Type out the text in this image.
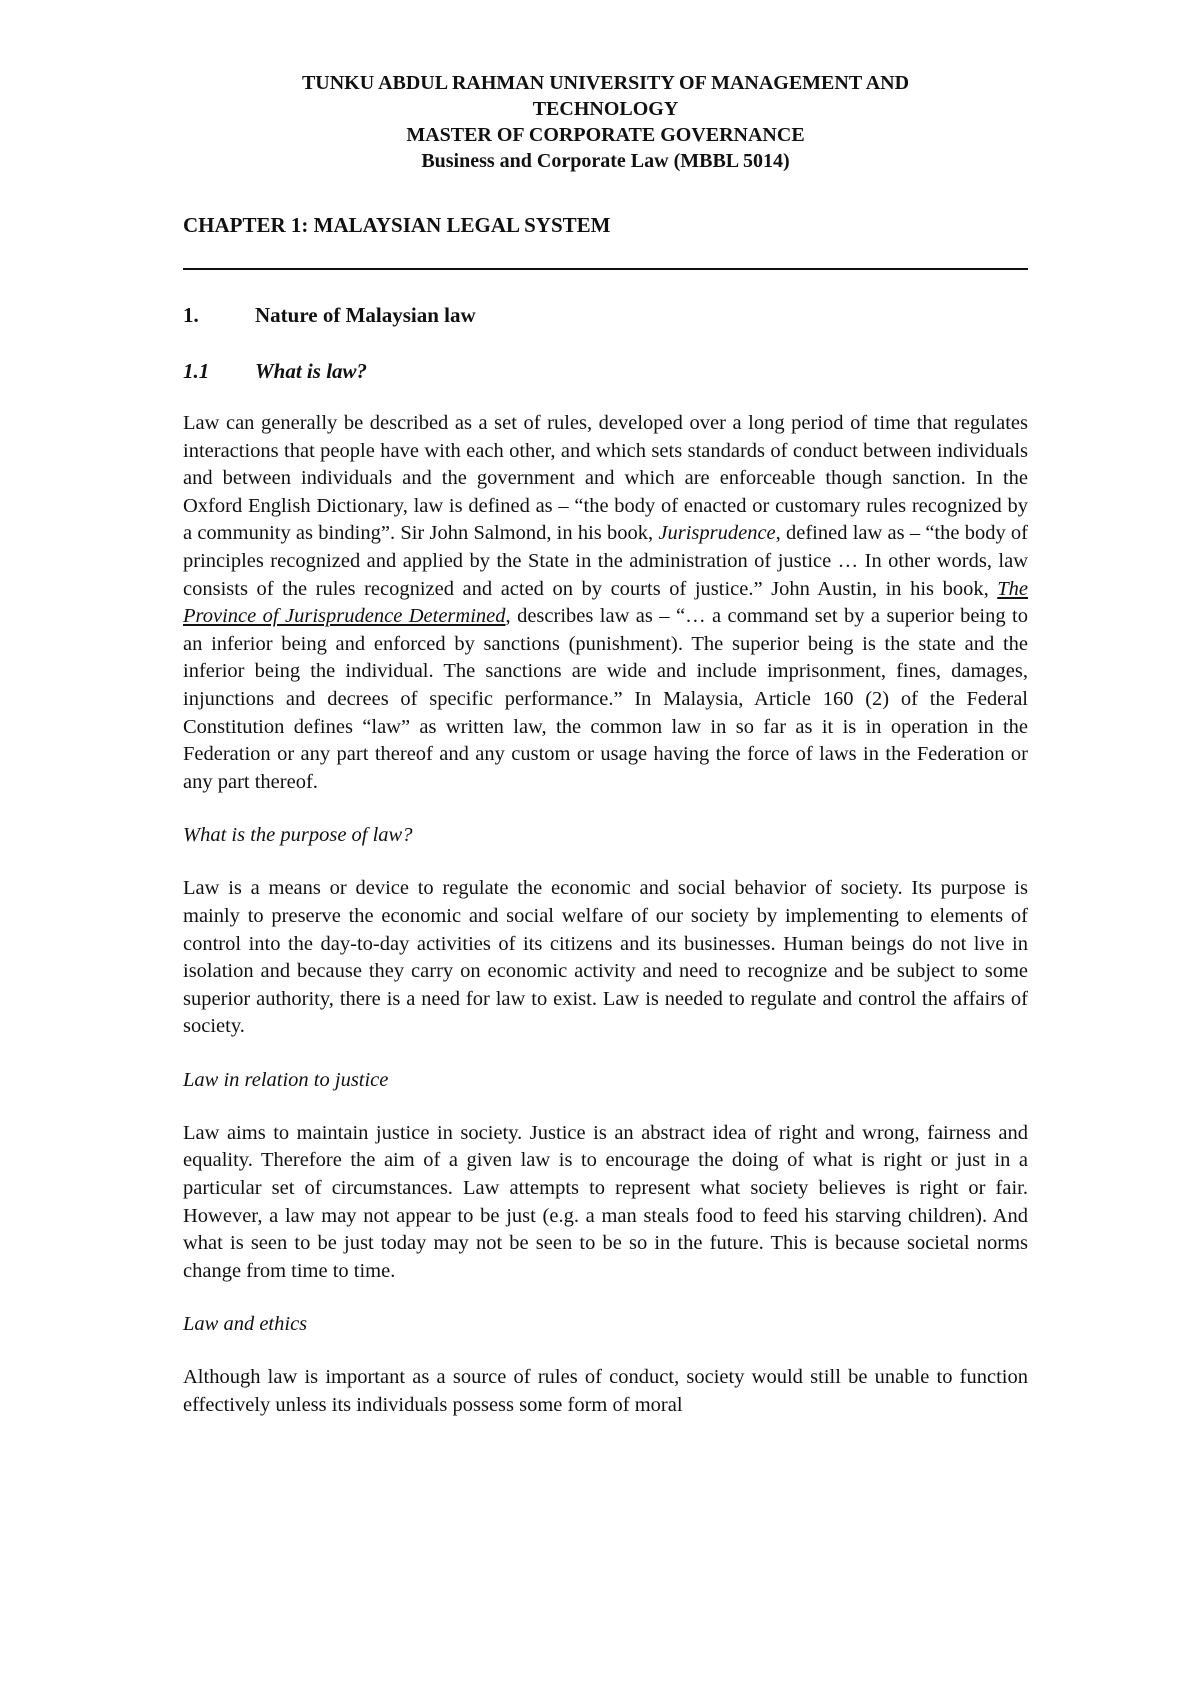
TUNKU ABDUL RAHMAN UNIVERSITY OF MANAGEMENT AND
TECHNOLOGY
MASTER OF CORPORATE GOVERNANCE
Business and Corporate Law (MBBL 5014)
CHAPTER 1: MALAYSIAN LEGAL SYSTEM
1.	Nature of Malaysian law
1.1	What is law?

Law can generally be described as a set of rules, developed over a long period of time that regulates interactions that people have with each other, and which sets standards of conduct between individuals and between individuals and the government and which are enforceable though sanction. In the Oxford English Dictionary, law is defined as – “the body of enacted or customary rules recognized by a community as binding”. Sir John Salmond, in his book, Jurisprudence, defined law as – “the body of principles recognized and applied by the State in the administration of justice … In other words, law consists of the rules recognized and acted on by courts of justice.” John Austin, in his book, The Province of Jurisprudence Determined, describes law as – “… a command set by a superior being to an inferior being and enforced by sanctions (punishment). The superior being is the state and the inferior being the individual. The sanctions are wide and include imprisonment, fines, damages, injunctions and decrees of specific performance.” In Malaysia, Article 160 (2) of the Federal Constitution defines “law” as written law, the common law in so far as it is in operation in the Federation or any part thereof and any custom or usage having the force of laws in the Federation or any part thereof.

What is the purpose of law?

Law is a means or device to regulate the economic and social behavior of society. Its purpose is mainly to preserve the economic and social welfare of our society by implementing to elements of control into the day-to-day activities of its citizens and its businesses. Human beings do not live in isolation and because they carry on economic activity and need to recognize and be subject to some superior authority, there is a need for law to exist. Law is needed to regulate and control the affairs of society.

Law in relation to justice

Law aims to maintain justice in society. Justice is an abstract idea of right and wrong, fairness and equality. Therefore the aim of a given law is to encourage the doing of what is right or just in a particular set of circumstances. Law attempts to represent what society believes is right or fair. However, a law may not appear to be just (e.g. a man steals food to feed his starving children). And what is seen to be just today may not be seen to be so in the future. This is because societal norms change from time to time.

Law and ethics

Although law is important as a source of rules of conduct, society would still be unable to function effectively unless its individuals possess some form of moral
